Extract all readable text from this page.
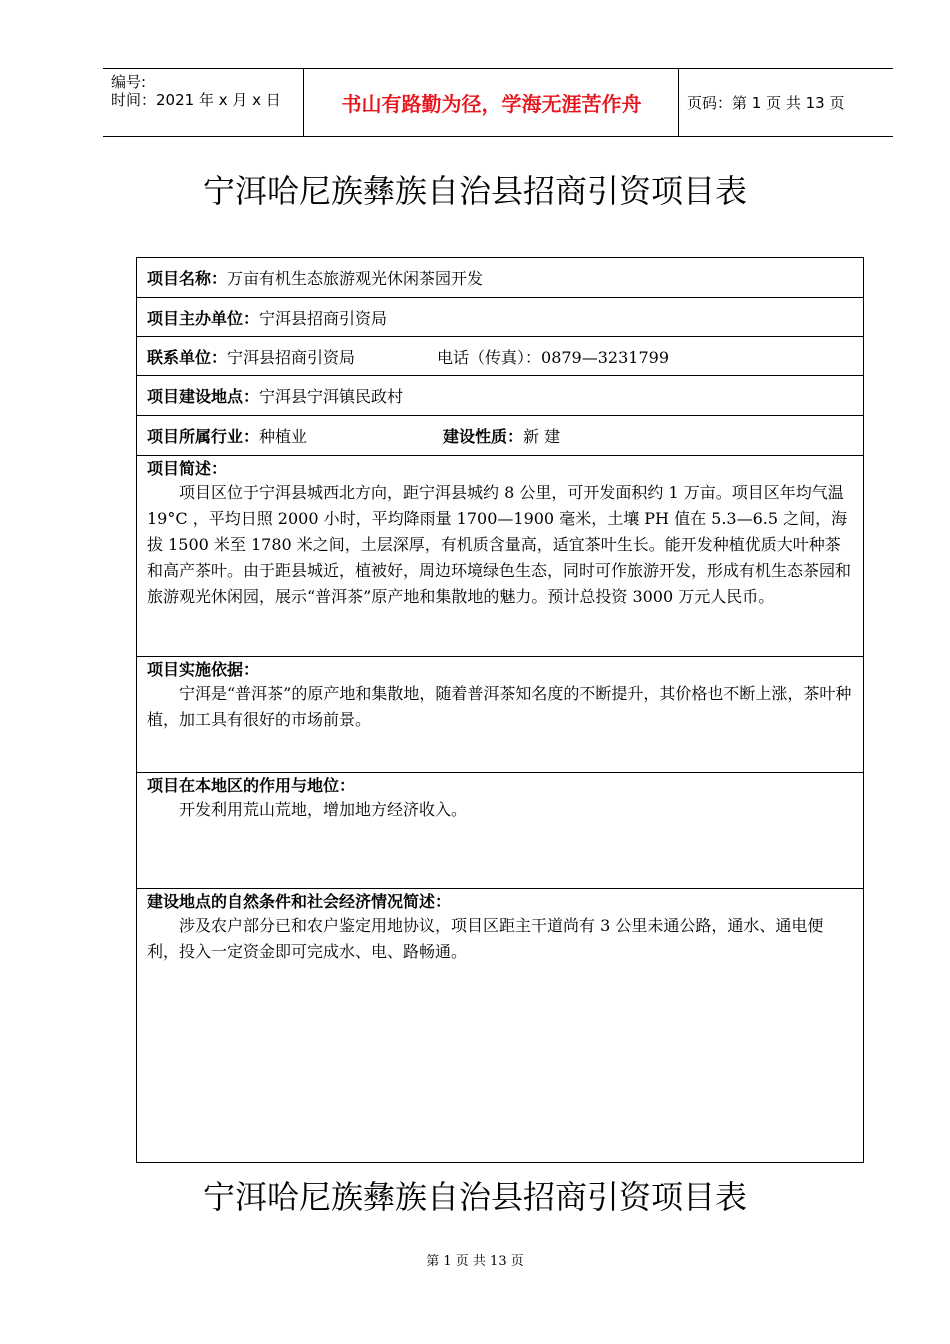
编号:
时间：2021 年 x 月 x 日	书山有路勤为径，学海无涯苦作舟	页码：第 1 页 共 13 页
宁洱哈尼族彝族自治县招商引资项目表
项目名称： 万亩有机生态旅游观光休闲茶园开发
项目主办单位： 宁洱县招商引资局
联系单位： 宁洱县招商引资局	电话（传真）：0879—3231799
项目建设地点： 宁洱县宁洱镇民政村
项目所属行业： 种植业	建设性质： 新 建
项目简述：

项目区位于宁洱县城西北方向，距宁洱县城约 8 公里，可开发面积约 1 万亩。项目区年均气温 19°C ，平均日照 2000 小时，平均降雨量 1700—1900 毫米，土壤 PH 值在 5.3—6.5 之间，海拔 1500 米至 1780 米之间，土层深厚，有机质含量高，适宜茶叶生长。能开发种植优质大叶种茶和高产茶叶。由于距县城近，植被好，周边环境绿色生态，同时可作旅游开发，形成有机生态茶园和旅游观光休闲园，展示“普洱茶”原产地和集散地的魅力。预计总投资 3000 万元人民币。

项目实施依据：

宁洱是“普洱茶”的原产地和集散地，随着普洱茶知名度的不断提升，其价格也不断上涨，茶叶种植，加工具有很好的市场前景。

项目在本地区的作用与地位：

开发利用荒山荒地，增加地方经济收入。

建设地点的自然条件和社会经济情况简述：

涉及农户部分已和农户鉴定用地协议，项目区距主干道尚有 3 公里未通公路，通水、通电便利，投入一定资金即可完成水、电、路畅通。

宁洱哈尼族彝族自治县招商引资项目表
第 1 页 共 13 页
